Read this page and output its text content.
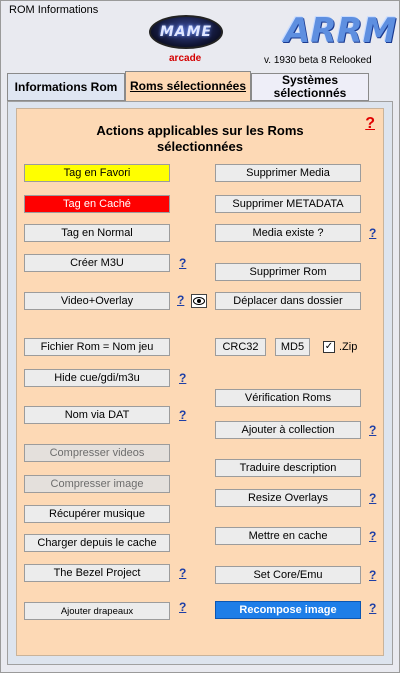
ROM Informations
MAME
arcade
ARRM
v. 1930 beta 8 Relooked
Informations Rom Roms sélectionnées	Systèmes sélectionnés
Actions applicables sur les Roms sélectionnées
?
Tag en Favori
Tag en Caché
Tag en Normal
Créer M3U	?
Video+Overlay	?
Fichier Rom = Nom jeu
Hide cue/gdi/m3u	?
Nom via DAT	?
Compresser videos
Compresser image
Récupérer musique
Charger depuis le cache
The Bezel Project	?
Ajouter drapeaux	?
Supprimer Media
Supprimer METADATA
Media existe ?	?
Supprimer Rom
Déplacer dans dossier
CRC32	MD5	✓ .Zip
Vérification Roms
Ajouter à collection	?
Traduire description
Resize Overlays	?
Mettre en cache	?
Set Core/Emu	?
Recompose image	?
